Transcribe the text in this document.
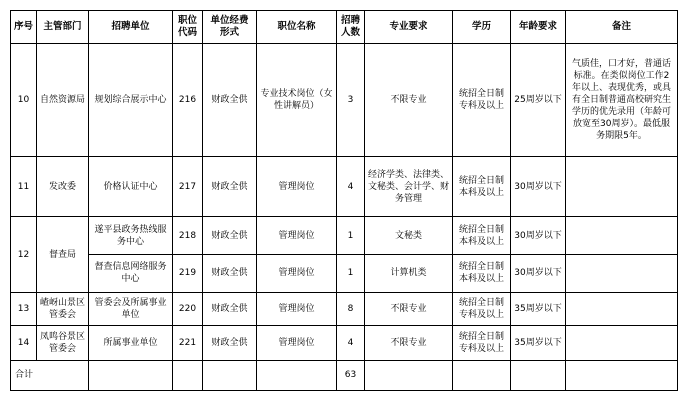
序号	主管部门	招聘单位	职位代码	单位经费形式	职位名称	招聘人数	专业要求	学历	年龄要求	备注
10	自然资源局	规划综合展示中心	216	财政全供	专业技术岗位（女性讲解员）	3	不限专业	统招全日制专科及以上	25周岁以下	气质佳，口才好，普通话标准。在类似岗位工作2年以上、表现优秀，或具有全日制普通高校研究生学历的优先录用（年龄可放宽至30周岁）。最低服务期限5年。
11	发改委	价格认证中心	217	财政全供	管理岗位	4	经济学类、法律类、文秘类、会计学、财务管理	统招全日制本科及以上	30周岁以下	
12	督查局	遂平县政务热线服务中心	218	财政全供	管理岗位	1	文秘类	统招全日制本科及以上	30周岁以下	
		督查信息网络服务中心	219	财政全供	管理岗位	1	计算机类	统招全日制本科及以上	30周岁以下	
13	嵖岈山景区管委会	管委会及所属事业单位	220	财政全供	管理岗位	8	不限专业	统招全日制专科及以上	35周岁以下	
14	凤鸣谷景区管委会	所属事业单位	221	财政全供	管理岗位	4	不限专业	统招全日制专科及以上	35周岁以下	
合计						63				
